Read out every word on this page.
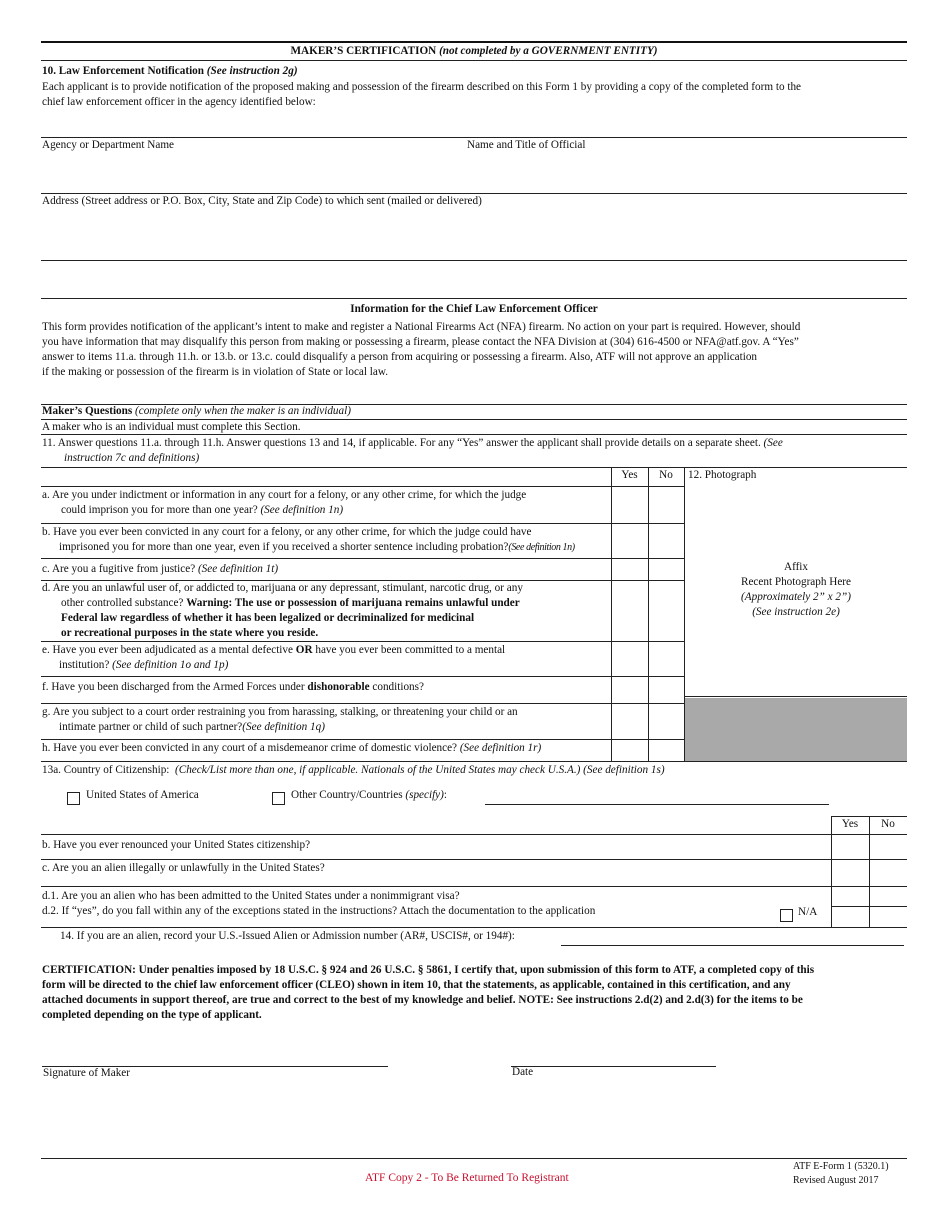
MAKER’S CERTIFICATION (not completed by a GOVERNMENT ENTITY)
10. Law Enforcement Notification (See instruction 2g)
Each applicant is to provide notification of the proposed making and possession of the firearm described on this Form 1 by providing a copy of the completed form to the
chief law enforcement officer in the agency identified below:
Agency or Department Name	Name and Title of Official
Address (Street address or P.O. Box, City, State and Zip Code) to which sent (mailed or delivered)
Information for the Chief Law Enforcement Officer
This form provides notification of the applicant’s intent to make and register a National Firearms Act (NFA) firearm. No action on your part is required. However, should
you have information that may disqualify this person from making or possessing a firearm, please contact the NFA Division at (304) 616-4500 or NFA@atf.gov. A “Yes”
answer to items 11.a. through 11.h. or 13.b. or 13.c. could disqualify a person from acquiring or possessing a firearm. Also, ATF will not approve an application
if the making or possession of the firearm is in violation of State or local law.
Maker’s Questions (complete only when the maker is an individual)
A maker who is an individual must complete this Section.
11. Answer questions 11.a. through 11.h. Answer questions 13 and 14, if applicable. For any “Yes” answer the applicant shall provide details on a separate sheet. (See
instruction 7c and definitions)
Yes	No
a. Are you under indictment or information in any court for a felony, or any other crime, for which the judge
could imprison you for more than one year? (See definition 1n)
b. Have you ever been convicted in any court for a felony, or any other crime, for which the judge could have
imprisoned you for more than one year, even if you received a shorter sentence including probation?(See definition 1n)
c. Are you a fugitive from justice? (See definition 1t)
d. Are you an unlawful user of, or addicted to, marijuana or any depressant, stimulant, narcotic drug, or any
other controlled substance? Warning: The use or possession of marijuana remains unlawful under
Federal law regardless of whether it has been legalized or decriminalized for medicinal
or recreational purposes in the state where you reside.
e. Have you ever been adjudicated as a mental defective OR have you ever been committed to a mental
institution? (See definition 1o and 1p)
f. Have you been discharged from the Armed Forces under dishonorable conditions?
g. Are you subject to a court order restraining you from harassing, stalking, or threatening your child or an
intimate partner or child of such partner?(See definition 1q)
h. Have you ever been convicted in any court of a misdemeanor crime of domestic violence? (See definition 1r)
12. Photograph
Affix
Recent Photograph Here
(Approximately 2” x 2”)
(See instruction 2e)
13a. Country of Citizenship: (Check/List more than one, if applicable. Nationals of the United States may check U.S.A.) (See definition 1s)
United States of America	Other Country/Countries (specify):
Yes	No
b. Have you ever renounced your United States citizenship?
c. Are you an alien illegally or unlawfully in the United States?
d.1. Are you an alien who has been admitted to the United States under a nonimmigrant visa?
d.2. If “yes”, do you fall within any of the exceptions stated in the instructions? Attach the documentation to the application	N/A
14. If you are an alien, record your U.S.-Issued Alien or Admission number (AR#, USCIS#, or 194#):
CERTIFICATION: Under penalties imposed by 18 U.S.C. § 924 and 26 U.S.C. § 5861, I certify that, upon submission of this form to ATF, a completed copy of this
form will be directed to the chief law enforcement officer (CLEO) shown in item 10, that the statements, as applicable, contained in this certification, and any
attached documents in support thereof, are true and correct to the best of my knowledge and belief. NOTE: See instructions 2.d(2) and 2.d(3) for the items to be
completed depending on the type of applicant.
Signature of Maker	Date
ATF Copy 2 - To Be Returned To Registrant
ATF E-Form 1 (5320.1)
Revised August 2017
